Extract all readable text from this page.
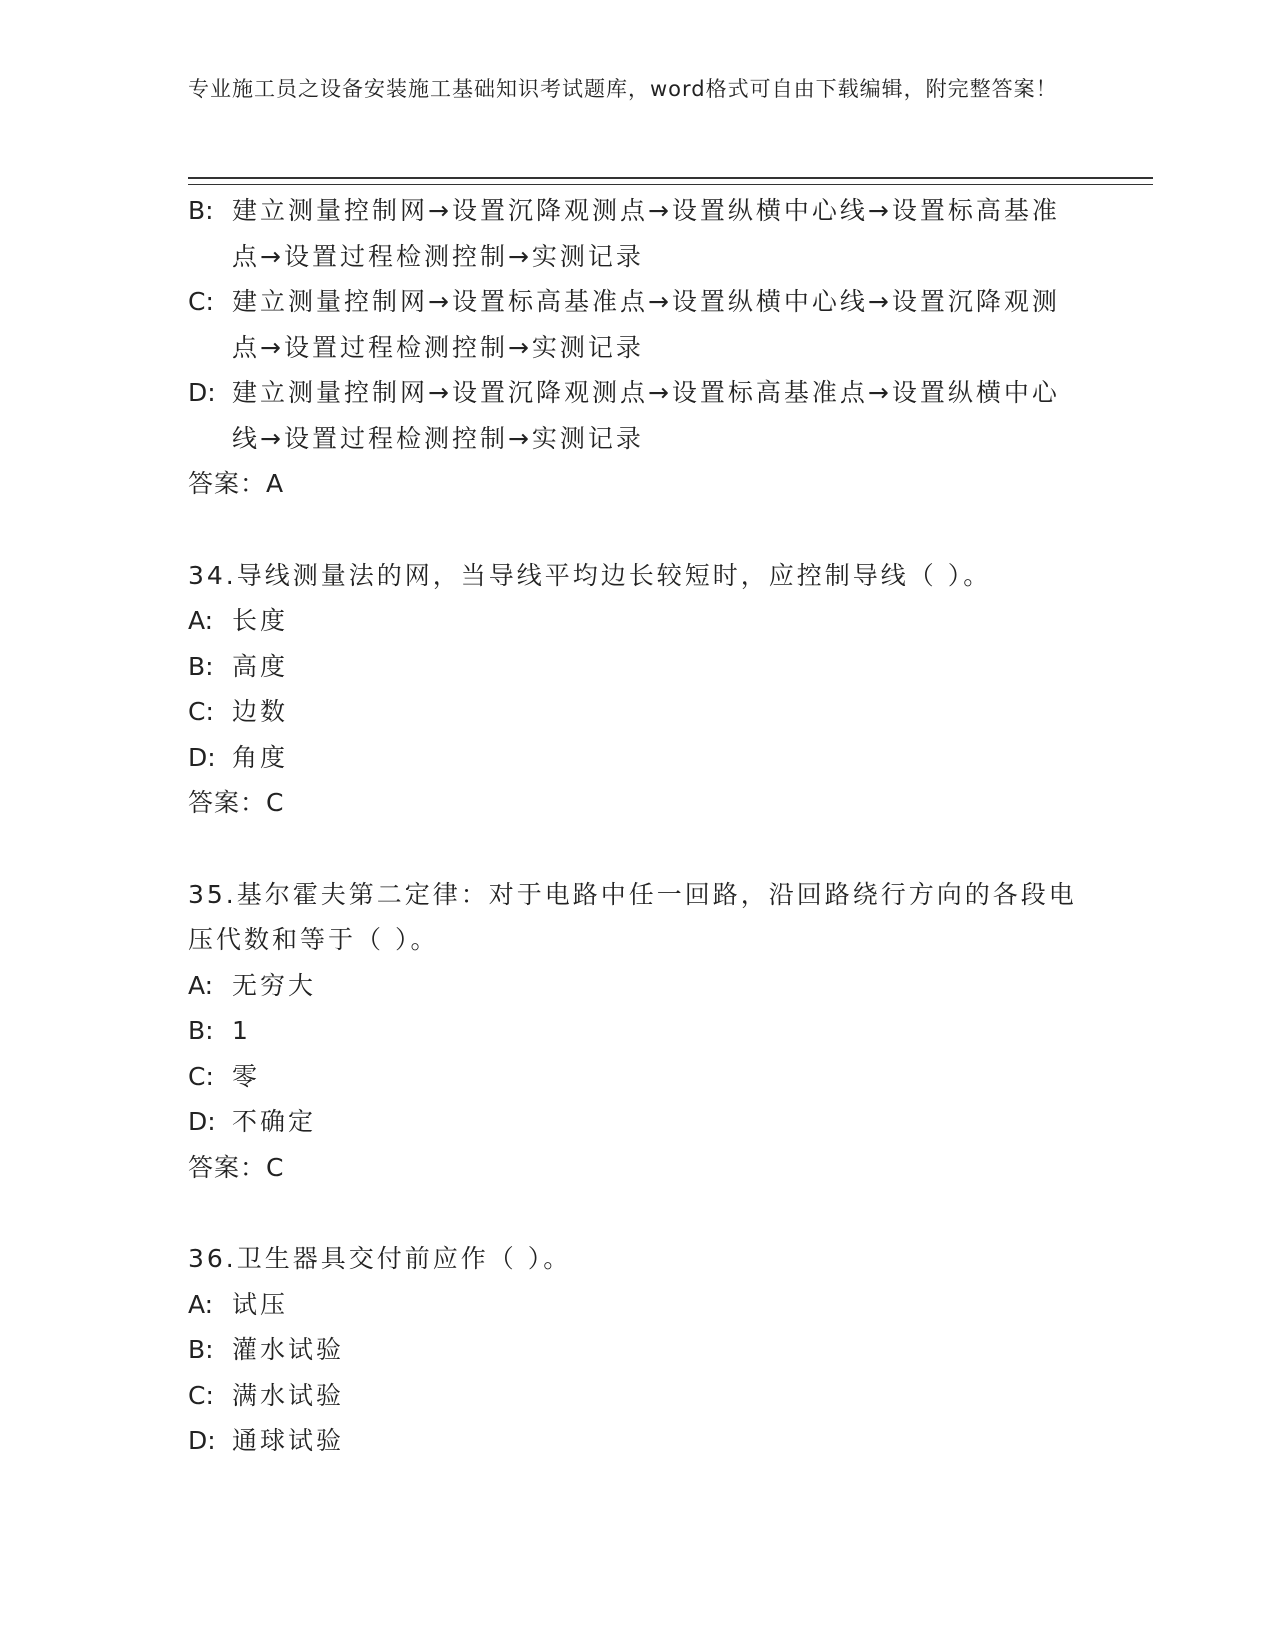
专业施工员之设备安装施工基础知识考试题库，word格式可自由下载编辑，附完整答案！
B: 建立测量控制网→设置沉降观测点→设置纵横中心线→设置标高基准点→设置过程检测控制→实测记录
C: 建立测量控制网→设置标高基准点→设置纵横中心线→设置沉降观测点→设置过程检测控制→实测记录
D: 建立测量控制网→设置沉降观测点→设置标高基准点→设置纵横中心线→设置过程检测控制→实测记录
答案：A
34.导线测量法的网，当导线平均边长较短时，应控制导线（ ）。
A: 长度
B: 高度
C: 边数
D: 角度
答案：C
35.基尔霍夫第二定律：对于电路中任一回路，沿回路绕行方向的各段电压代数和等于（ ）。
A: 无穷大
B: 1
C: 零
D: 不确定
答案：C
36.卫生器具交付前应作（ ）。
A: 试压
B: 灌水试验
C: 满水试验
D: 通球试验
